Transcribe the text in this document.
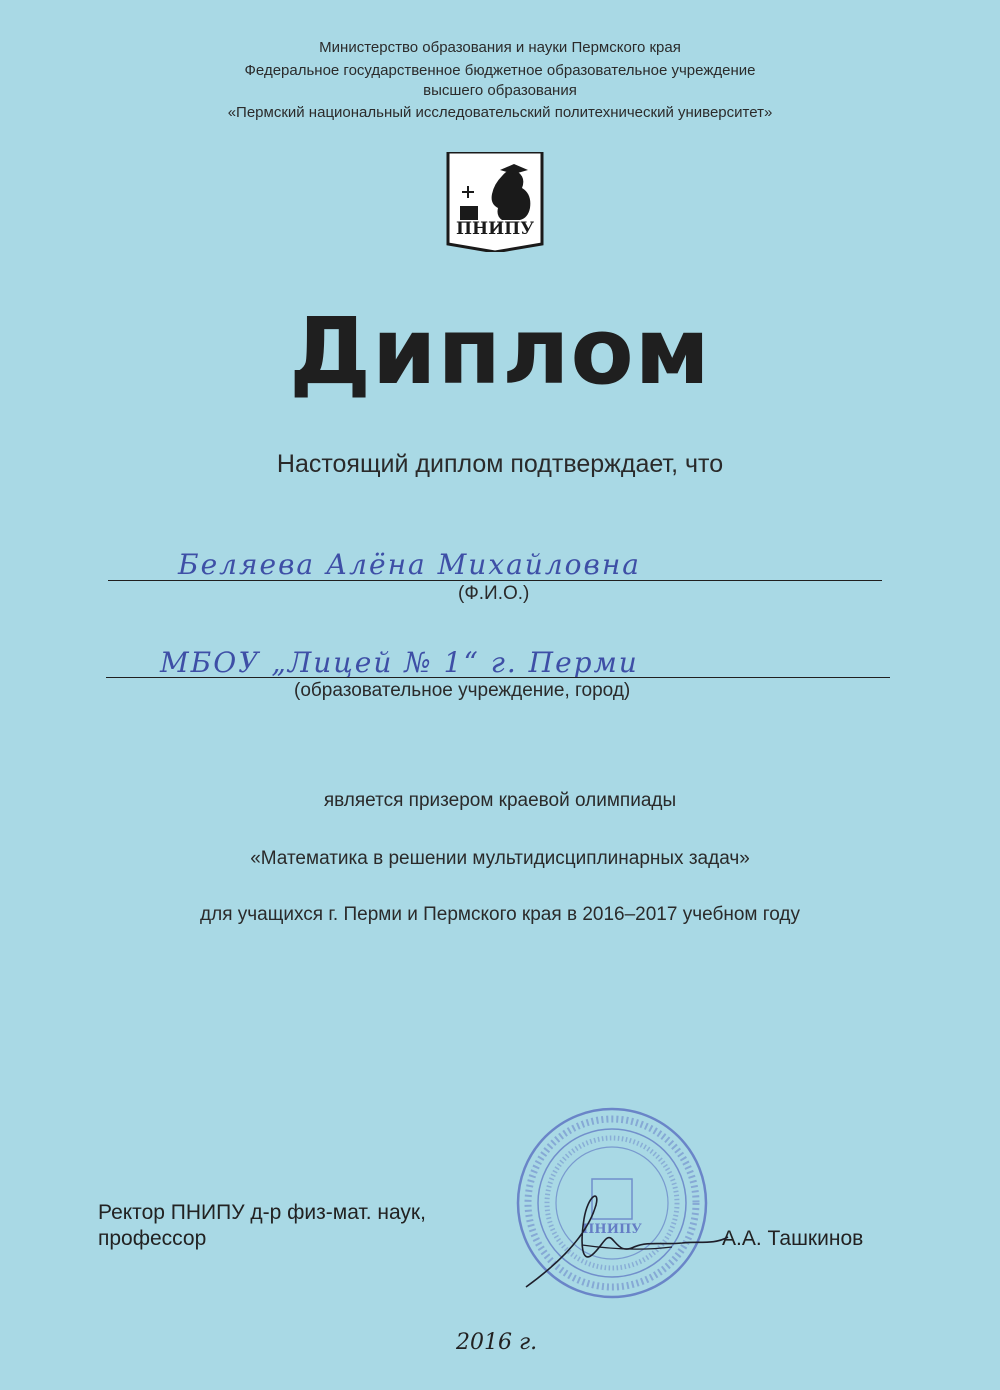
Министерство образования и науки Пермского края
Федеральное государственное бюджетное образовательное учреждение
высшего образования
«Пермский национальный исследовательский политехнический университет»
ПНИПУ
Диплом
Настоящий диплом подтверждает, что
Беляева Алёна Михайловна
(Ф.И.О.)
МБОУ „Лицей № 1“ г. Перми
(образовательное учреждение, город)
является призером краевой олимпиады
«Математика в решении мультидисциплинарных задач»
для учащихся г. Перми и Пермского края в 2016–2017 учебном году
Ректор ПНИПУ д-р физ-мат. наук,
профессор	А.А. Ташкинов
ПНИПУ
2016 г.
